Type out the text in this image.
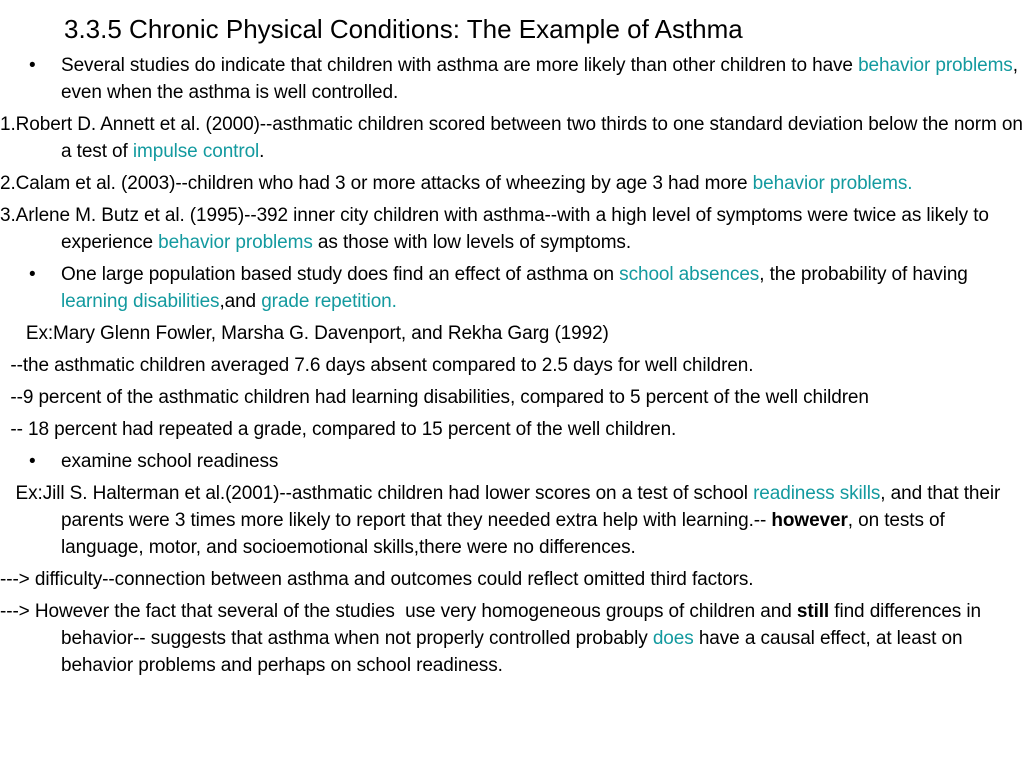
3.3.5 Chronic Physical Conditions: The Example of Asthma

• Several studies do indicate that children with asthma are more likely than other children to have behavior problems, even when the asthma is well controlled.

1.Robert D. Annett et al. (2000)--asthmatic children scored between two thirds to one standard deviation below the norm on a test of impulse control.

2.Calam et al. (2003)--children who had 3 or more attacks of wheezing by age 3 had more behavior problems.

3.Arlene M. Butz et al. (1995)--392 inner city children with asthma--with a high level of symptoms were twice as likely to experience behavior problems as those with low levels of symptoms.

• One large population based study does find an effect of asthma on school absences, the probability of having learning disabilities,and grade repetition.

Ex:Mary Glenn Fowler, Marsha G. Davenport, and Rekha Garg (1992)

--the asthmatic children averaged 7.6 days absent compared to 2.5 days for well children.

--9 percent of the asthmatic children had learning disabilities, compared to 5 percent of the well children

-- 18 percent had repeated a grade, compared to 15 percent of the well children.

• examine school readiness

Ex:Jill S. Halterman et al.(2001)--asthmatic children had lower scores on a test of school readiness skills, and that their parents were 3 times more likely to report that they needed extra help with learning.-- however, on tests of language, motor, and socioemotional skills,there were no differences.

---> difficulty--connection between asthma and outcomes could reflect omitted third factors.

---> However the fact that several of the studies  use very homogeneous groups of children and still find differences in behavior-- suggests that asthma when not properly controlled probably does have a causal effect, at least on behavior problems and perhaps on school readiness.
